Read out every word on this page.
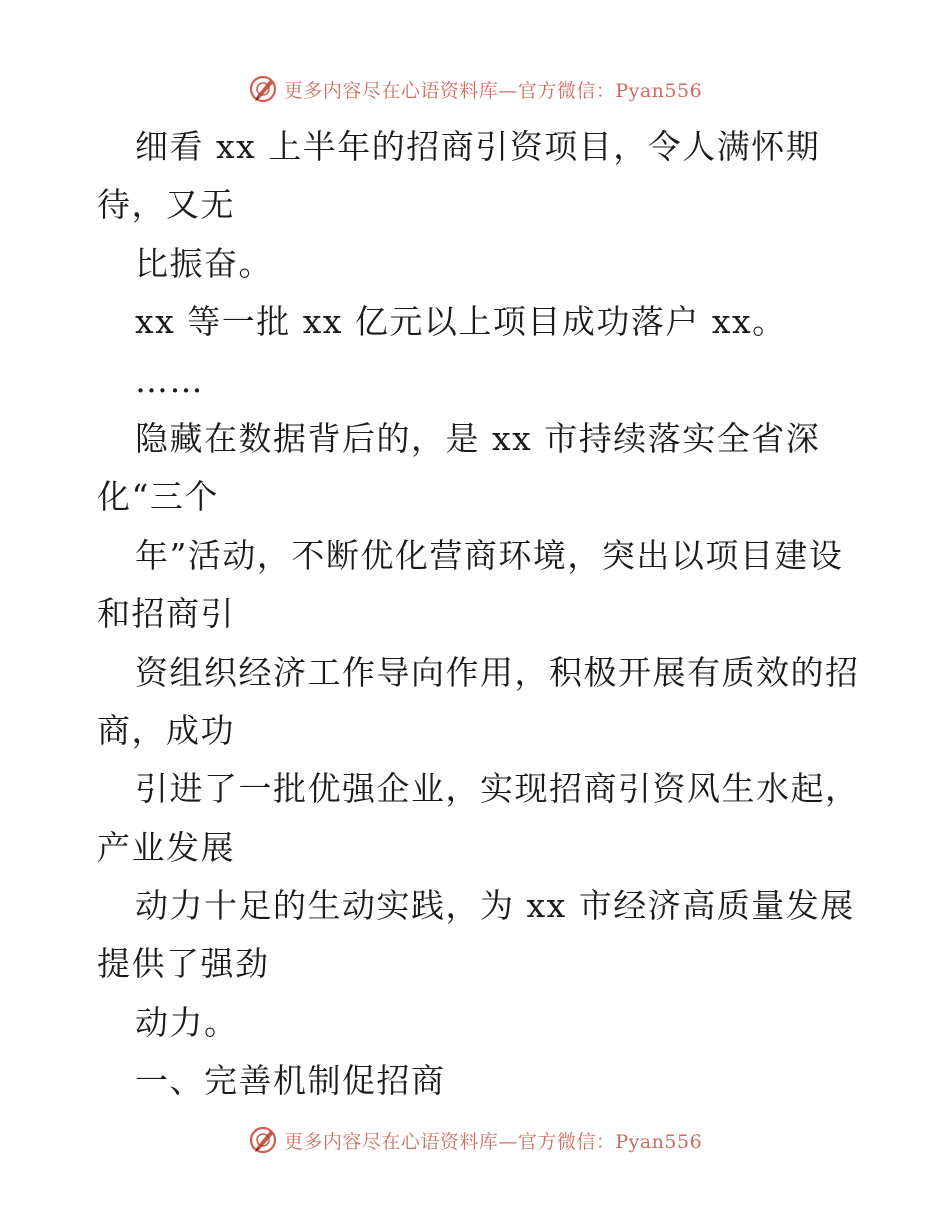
更多内容尽在心语资料库—官方微信：Pyan556
细看 xx 上半年的招商引资项目，令人满怀期
待，又无
比振奋。
xx 等一批 xx 亿元以上项目成功落户 xx。
……
隐藏在数据背后的，是 xx 市持续落实全省深
化“三个
年”活动，不断优化营商环境，突出以项目建设
和招商引
资组织经济工作导向作用，积极开展有质效的招
商，成功
引进了一批优强企业，实现招商引资风生水起，
产业发展
动力十足的生动实践，为 xx 市经济高质量发展
提供了强劲
动力。
一、完善机制促招商
更多内容尽在心语资料库—官方微信：Pyan556
